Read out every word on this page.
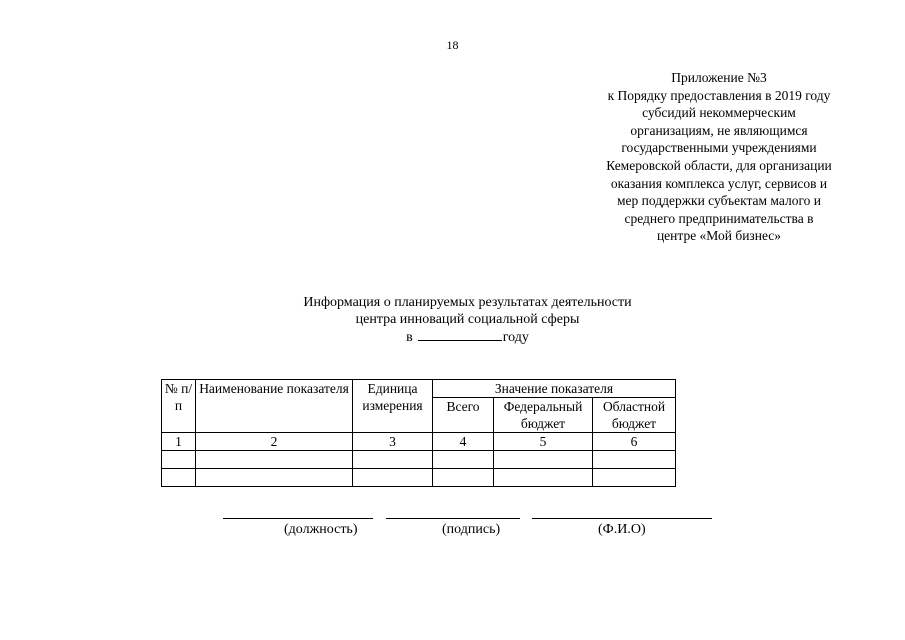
18
Приложение №3
к Порядку предоставления в 2019 году
субсидий некоммерческим
организациям, не являющимся
государственными учреждениями
Кемеровской области, для организации
оказания комплекса услуг, сервисов и
мер поддержки субъектам малого и
среднего предпринимательства в
центре «Мой бизнес»
Информация о планируемых результатах деятельности
центра инноваций социальной сферы
в	году
№ п/п	Наименование показателя	Единица измерения	Значение показателя		
			Всего	Федеральный бюджет	Областной бюджет
1	2	3	4	5	6

(должность)	(подпись)	(Ф.И.О)
